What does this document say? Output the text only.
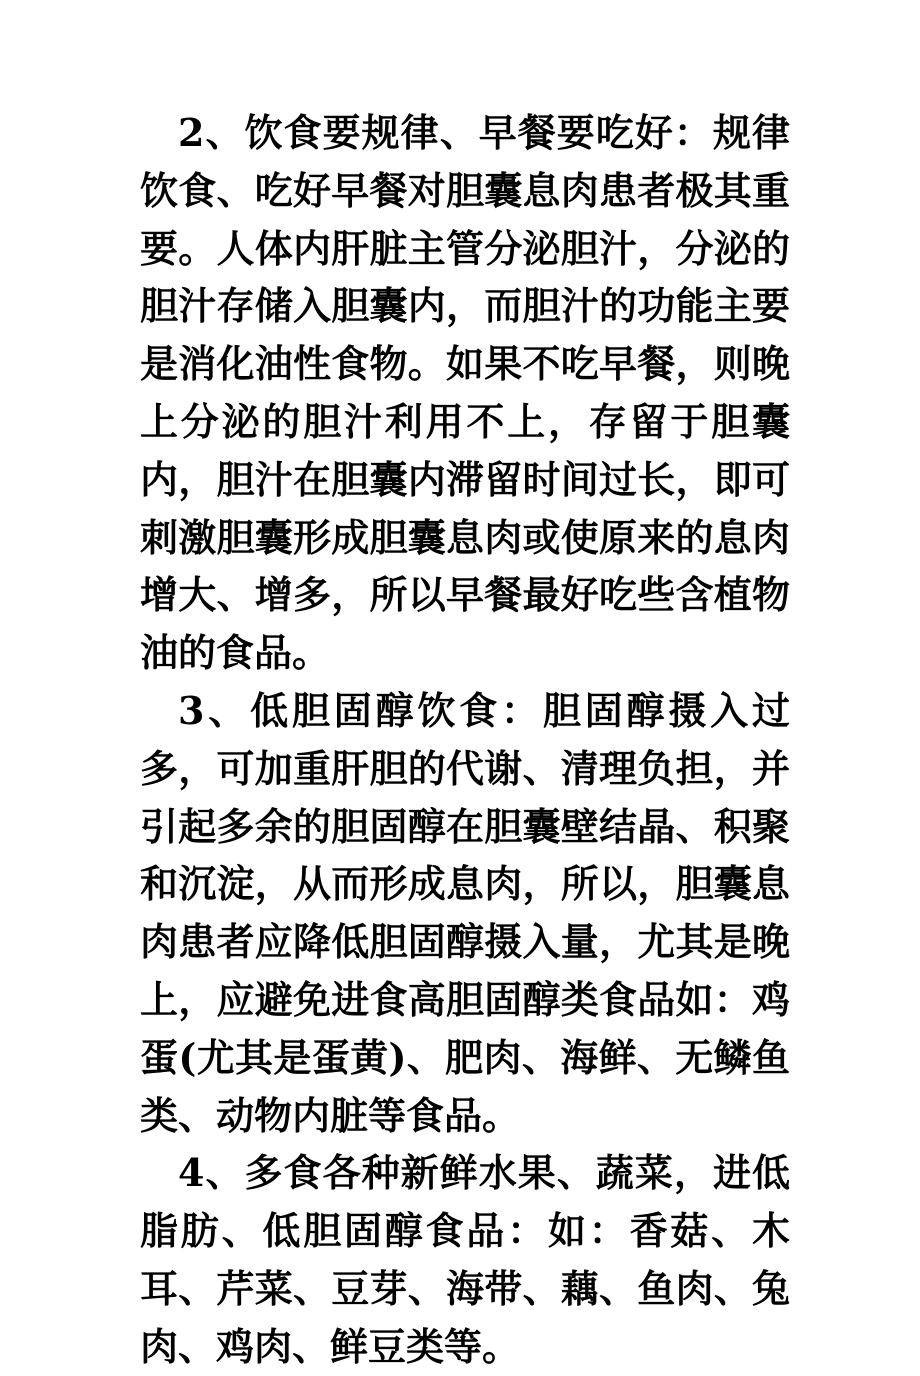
2、饮食要规律、早餐要吃好：规律饮食、吃好早餐对胆囊息肉患者极其重要。人体内肝脏主管分泌胆汁，分泌的胆汁存储入胆囊内，而胆汁的功能主要是消化油性食物。如果不吃早餐，则晚上分泌的胆汁利用不上，存留于胆囊内，胆汁在胆囊内滞留时间过长，即可刺激胆囊形成胆囊息肉或使原来的息肉增大、增多，所以早餐最好吃些含植物油的食品。

3、低胆固醇饮食：胆固醇摄入过多，可加重肝胆的代谢、清理负担，并引起多余的胆固醇在胆囊壁结晶、积聚和沉淀，从而形成息肉，所以，胆囊息肉患者应降低胆固醇摄入量，尤其是晚上，应避免进食高胆固醇类食品如：鸡蛋(尤其是蛋黄)、肥肉、海鲜、无鳞鱼类、动物内脏等食品。

4、多食各种新鲜水果、蔬菜，进低脂肪、低胆固醇食品：如：香菇、木耳、芹菜、豆芽、海带、藕、鱼肉、兔肉、鸡肉、鲜豆类等。
